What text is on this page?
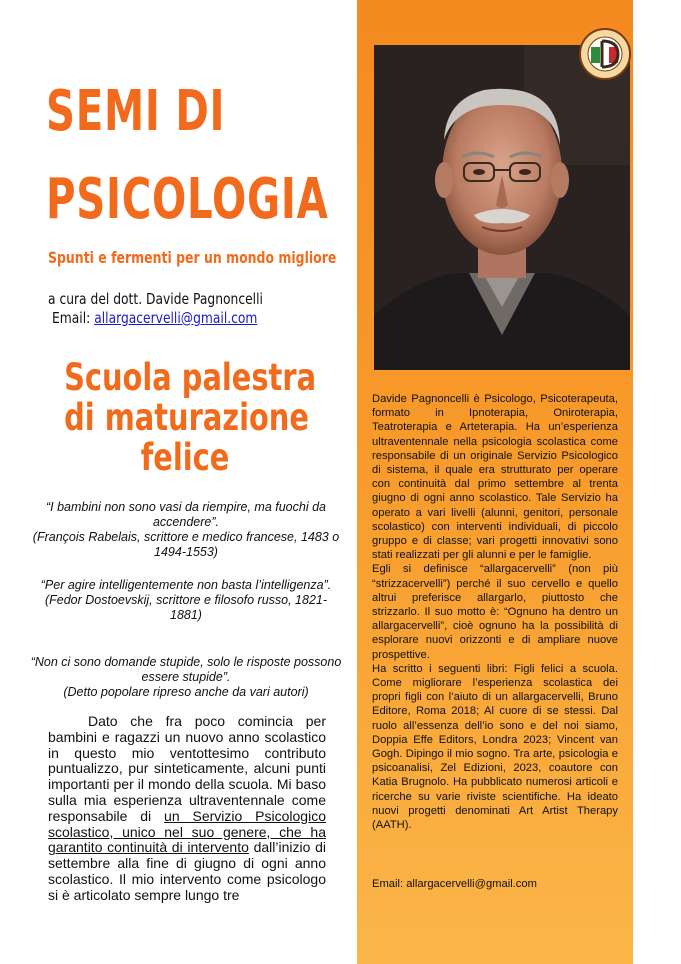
SEMI DI
PSICOLOGIA
Spunti e fermenti per un mondo migliore
a cura del dott. Davide Pagnoncelli
Email: allargacervelli@gmail.com
Scuola palestra
di maturazione
felice
“I bambini non sono vasi da riempire, ma fuochi da accendere”.
(François Rabelais, scrittore e medico francese, 1483 o 1494-1553)
“Per agire intelligentemente non basta l’intelligenza”.
(Fedor Dostoevskij, scrittore e filosofo russo, 1821-1881)
“Non ci sono domande stupide, solo le risposte possono essere stupide”.
(Detto popolare ripreso anche da vari autori)
Dato che fra poco comincia per bambini e ragazzi un nuovo anno scolastico in questo mio ventottesimo contributo puntualizzo, pur sinteticamente, alcuni punti importanti per il mondo della scuola. Mi baso sulla mia esperienza ultraventennale come responsabile di un Servizio Psicologico scolastico, unico nel suo genere, che ha garantito continuità di intervento dall’inizio di settembre alla fine di giugno di ogni anno scolastico. Il mio intervento come psicologo si è articolato sempre lungo tre

Davide Pagnoncelli è Psicologo, Psicoterapeuta, formato in Ipnoterapia, Oniroterapia, Teatroterapia e Arteterapia. Ha un’esperienza ultraventennale nella psicologia scolastica come responsabile di un originale Servizio Psicologico di sistema, il quale era strutturato per operare con continuità dal primo settembre al trenta giugno di ogni anno scolastico. Tale Servizio ha operato a vari livelli (alunni, genitori, personale scolastico) con interventi individuali, di piccolo gruppo e di classe; vari progetti innovativi sono stati realizzati per gli alunni e per le famiglie.

Egli si definisce “allargacervelli” (non più “strizzacervelli”) perché il suo cervello e quello altrui preferisce allargarlo, piuttosto che strizzarlo. Il suo motto è: “Ognuno ha dentro un allargacervelli”, cioè ognuno ha la possibilità di esplorare nuovi orizzonti e di ampliare nuove prospettive.

Ha scritto i seguenti libri: Figli felici a scuola. Come migliorare l’esperienza scolastica dei propri figli con l’aiuto di un allargacervelli, Bruno Editore, Roma 2018; Al cuore di se stessi. Dal ruolo all’essenza dell’io sono e del noi siamo, Doppia Effe Editors, Londra 2023; Vincent van Gogh. Dipingo il mio sogno. Tra arte, psicologia e psicoanalisi, Zel Edizioni, 2023, coautore con Katia Brugnolo. Ha pubblicato numerosi articoli e ricerche su varie riviste scientifiche. Ha ideato nuovi progetti denominati Art Artist Therapy (AATH).

Email: allargacervelli@gmail.com
